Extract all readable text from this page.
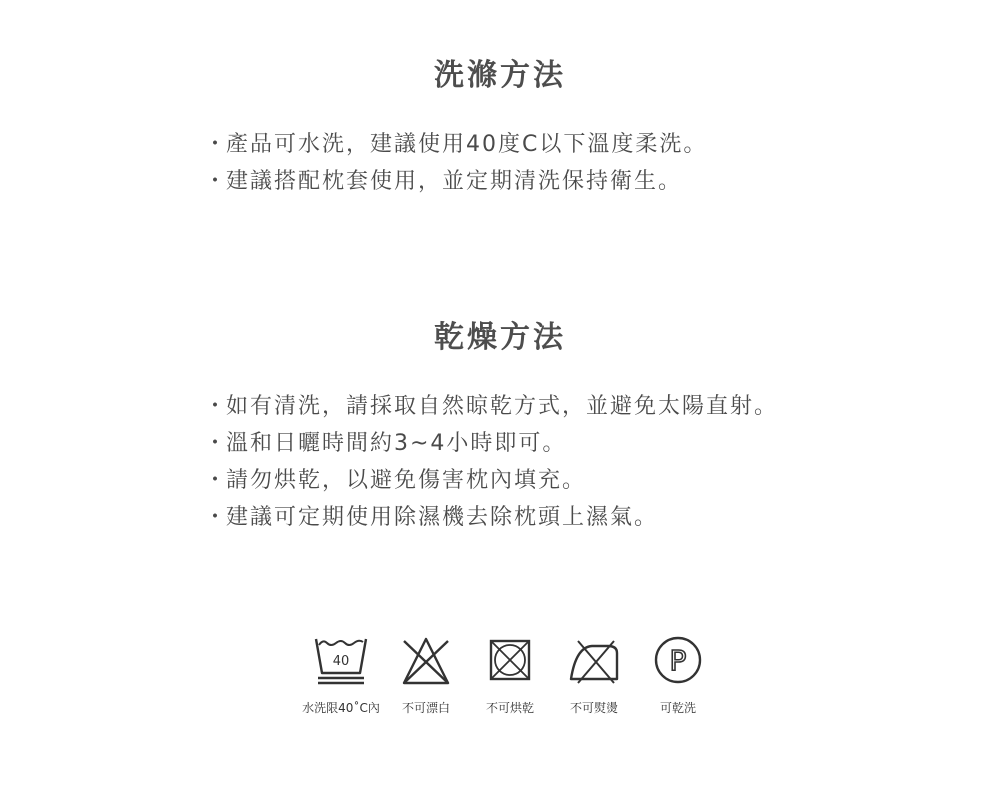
洗滌方法
・產品可水洗，建議使用40度C以下溫度柔洗。
・建議搭配枕套使用，並定期清洗保持衛生。
乾燥方法
・如有清洗，請採取自然晾乾方式，並避免太陽直射。
・溫和日曬時間約3~4小時即可。
・請勿烘乾，以避免傷害枕內填充。
・建議可定期使用除濕機去除枕頭上濕氣。
40
水洗限40˚C內	不可漂白	不可烘乾	不可熨燙
P
可乾洗
